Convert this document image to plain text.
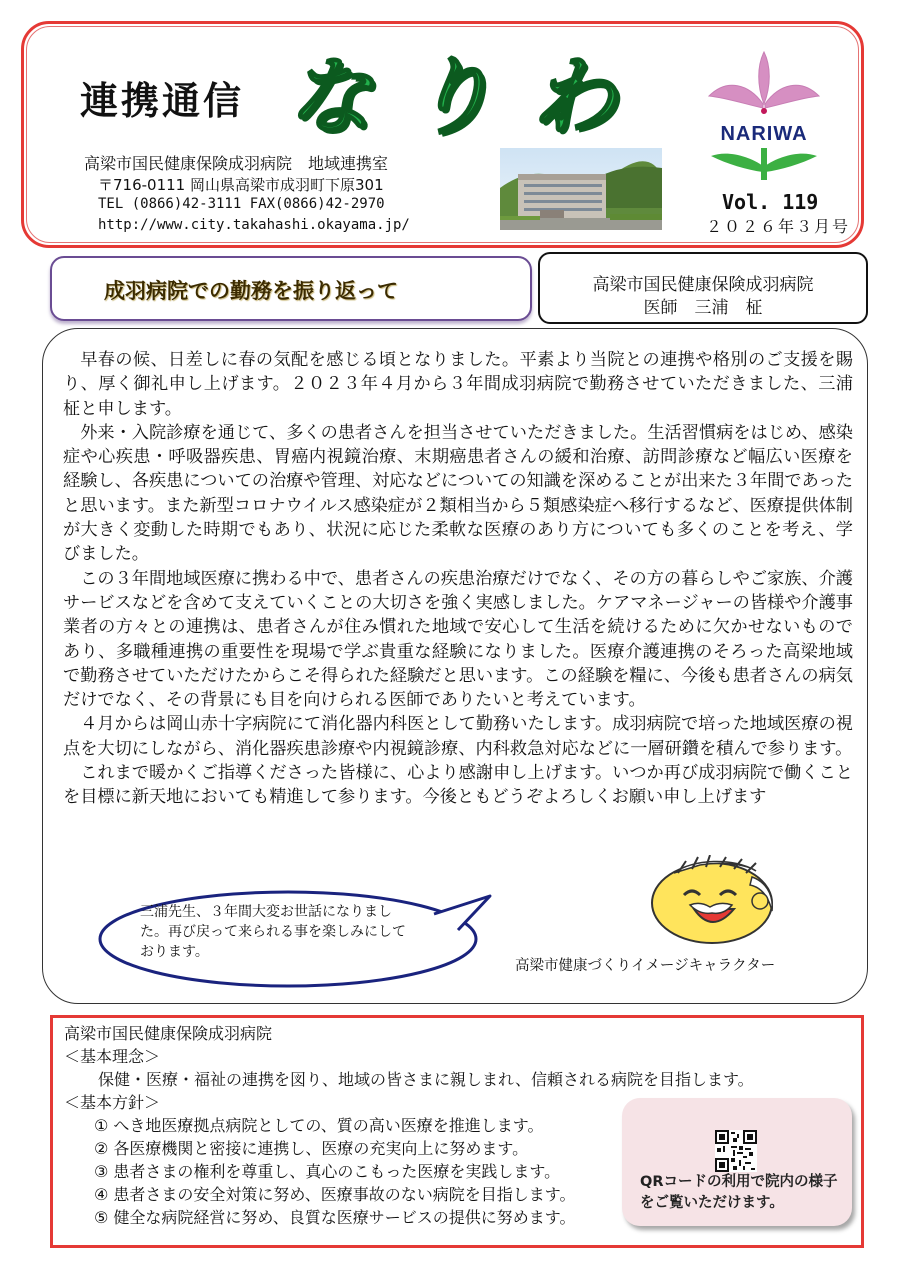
連携通信 なりわ
高梁市国民健康保険成羽病院　地域連携室
〒716-0111 岡山県高梁市成羽町下原301
TEL (0866)42-3111 FAX(0866)42-2970
http://www.city.takahashi.okayama.jp/
NARIWA
Vol. 119
２０２６年３月号
成羽病院での勤務を振り返って	高梁市国民健康保険成羽病院
医師　三浦　柾

早春の候、日差しに春の気配を感じる頃となりました。平素より当院との連携や格別のご支援を賜り、厚く御礼申し上げます。２０２３年４月から３年間成羽病院で勤務させていただきました、三浦 柾と申します。

外来・入院診療を通じて、多くの患者さんを担当させていただきました。生活習慣病をはじめ、感染症や心疾患・呼吸器疾患、胃癌内視鏡治療、末期癌患者さんの緩和治療、訪問診療など幅広い医療を経験し、各疾患についての治療や管理、対応などについての知識を深めることが出来た３年間であったと思います。また新型コロナウイルス感染症が２類相当から５類感染症へ移行するなど、医療提供体制が大きく変動した時期でもあり、状況に応じた柔軟な医療のあり方についても多くのことを考え、学びました。

この３年間地域医療に携わる中で、患者さんの疾患治療だけでなく、その方の暮らしやご家族、介護サービスなどを含めて支えていくことの大切さを強く実感しました。ケアマネージャーの皆様や介護事業者の方々との連携は、患者さんが住み慣れた地域で安心して生活を続けるために欠かせないものであり、多職種連携の重要性を現場で学ぶ貴重な経験になりました。医療介護連携のそろった高梁地域で勤務させていただけたからこそ得られた経験だと思います。この経験を糧に、今後も患者さんの病気だけでなく、その背景にも目を向けられる医師でありたいと考えています。

４月からは岡山赤十字病院にて消化器内科医として勤務いたします。成羽病院で培った地域医療の視点を大切にしながら、消化器疾患診療や内視鏡診療、内科救急対応などに一層研鑽を積んで参ります。

これまで暖かくご指導くださった皆様に、心より感謝申し上げます。いつか再び成羽病院で働くことを目標に新天地においても精進して参ります。今後ともどうぞよろしくお願い申し上げます

三浦先生、３年間大変お世話になりました。再び戻って来られる事を楽しみにしております。
高梁市健康づくりイメージキャラクター
高梁市国民健康保険成羽病院
＜基本理念＞
保健・医療・福祉の連携を図り、地域の皆さまに親しまれ、信頼される病院を目指します。
＜基本方針＞
① へき地医療拠点病院としての、質の高い医療を推進します。
② 各医療機関と密接に連携し、医療の充実向上に努めます。
③ 患者さまの権利を尊重し、真心のこもった医療を実践します。
④ 患者さまの安全対策に努め、医療事故のない病院を目指します。
⑤ 健全な病院経営に努め、良質な医療サービスの提供に努めます。
QRコードの利用で院内の様子をご覧いただけます。
